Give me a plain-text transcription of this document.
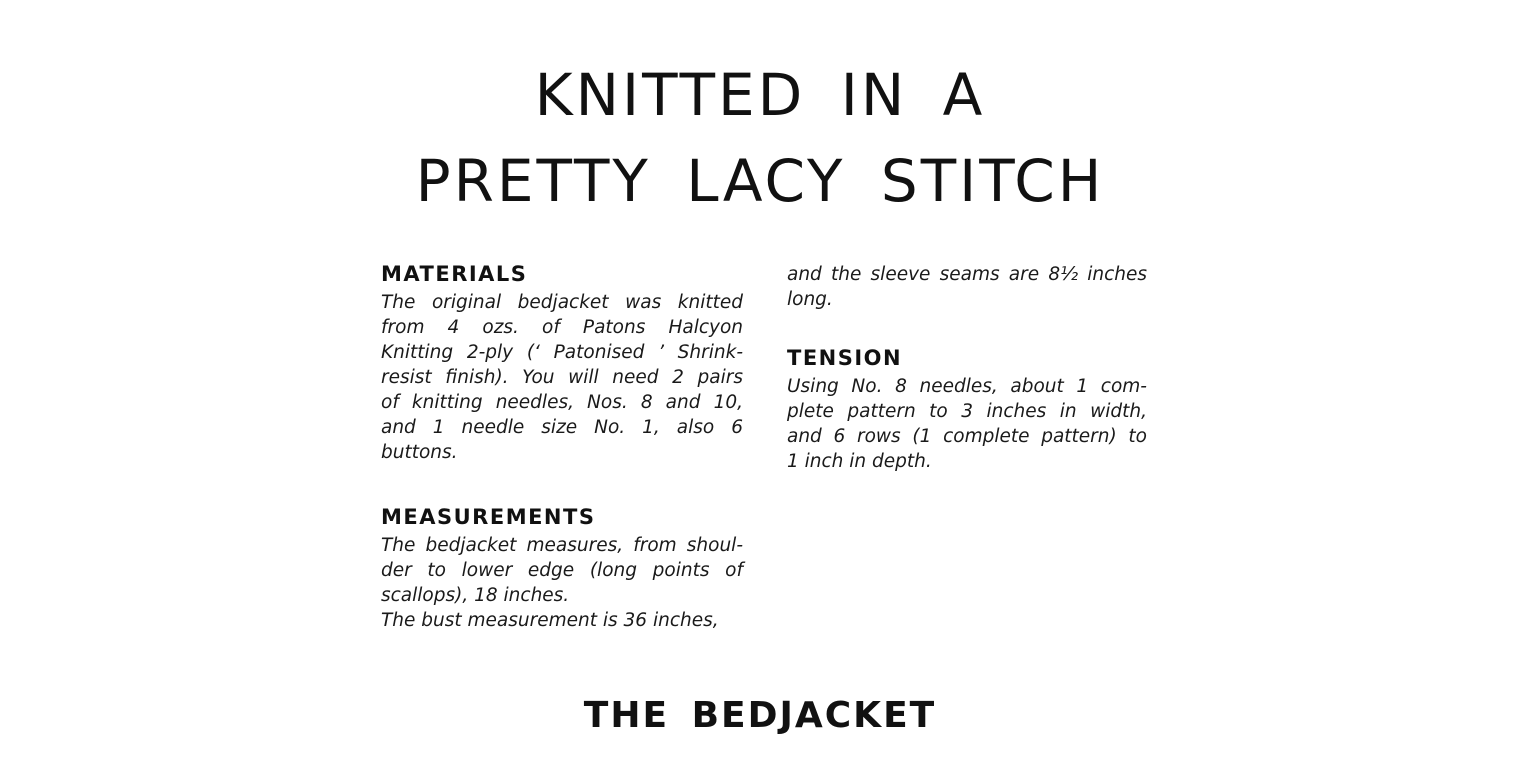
KNITTED IN A
PRETTY LACY STITCH
MATERIALS

The original bedjacket was knitted
from 4 ozs. of Patons Halcyon
Knitting 2-ply (‘ Patonised ’ Shrink-
resist finish). You will need 2 pairs
of knitting needles, Nos. 8 and 10,
and 1 needle size No. 1, also 6
buttons.

MEASUREMENTS

The bedjacket measures, from shoul-
der to lower edge (long points of
scallops), 18 inches.
The bust measurement is 36 inches,

and the sleeve seams are 8½ inches
long.

TENSION

Using No. 8 needles, about 1 com-
plete pattern to 3 inches in width,
and 6 rows (1 complete pattern) to
1 inch in depth.

THE BEDJACKET
